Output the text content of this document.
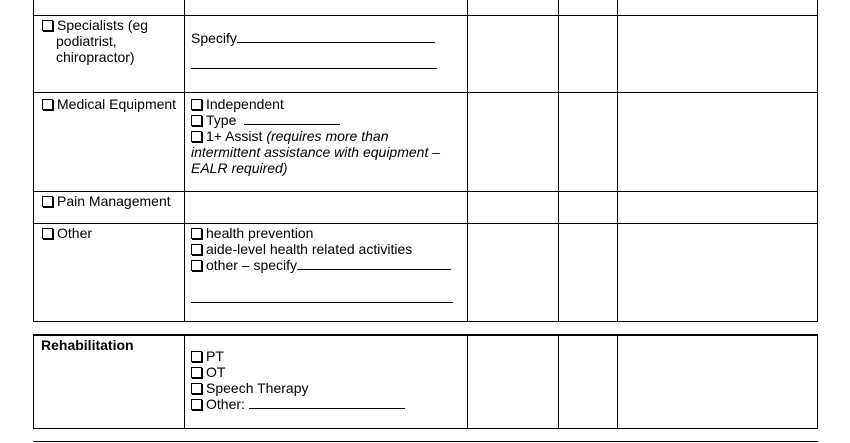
Specialists (eg
podiatrist,
chiropractor)
Specify
Medical Equipment	Independent
Type
1+ Assist (requires more than
intermittent assistance with equipment –
EALR required)
Pain Management
Other	health prevention
aide-level health related activities
other – specify
Rehabilitation
PT
OT
Speech Therapy
Other:
